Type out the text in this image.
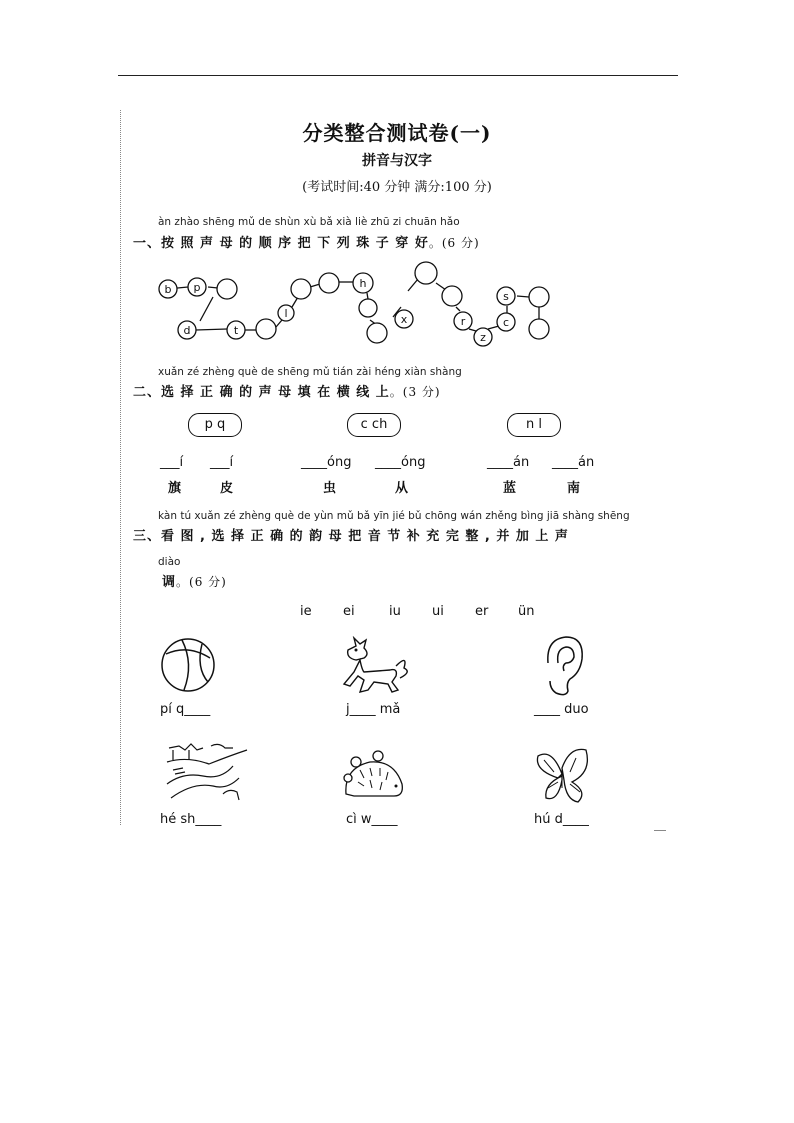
分类整合测试卷(一)
拼音与汉字
(考试时间:40 分钟 满分:100 分)
àn zhào shēng mǔ de shùn xù bǎ xià liè zhū zi chuān hǎo
一、按 照 声 母 的 顺 序 把 下 列 珠 子 穿 好。(6 分)
b p
d	t
l
h
x	r
z
c
s
xuǎn zé zhèng què de shēng mǔ tián zài héng xiàn shàng
二、选 择 正 确 的 声 母 填 在 横 线 上。(3 分)
p q	c ch	n l
___í ___í	____óng ____óng	____án ____án
旗	皮	虫	从	蓝	南
kàn tú xuǎn zé zhèng què de yùn mǔ bǎ yīn jié bǔ chōng wán zhěng bìng jiā shàng shēng
三、看 图 , 选 择 正 确 的 韵 母 把 音 节 补 充 完 整 , 并 加 上 声
diào
调。(6 分)
ie ei	iu ui er ün
pí q____	j____ mǎ	____ duo
hé sh____	cì w____	hú d____
